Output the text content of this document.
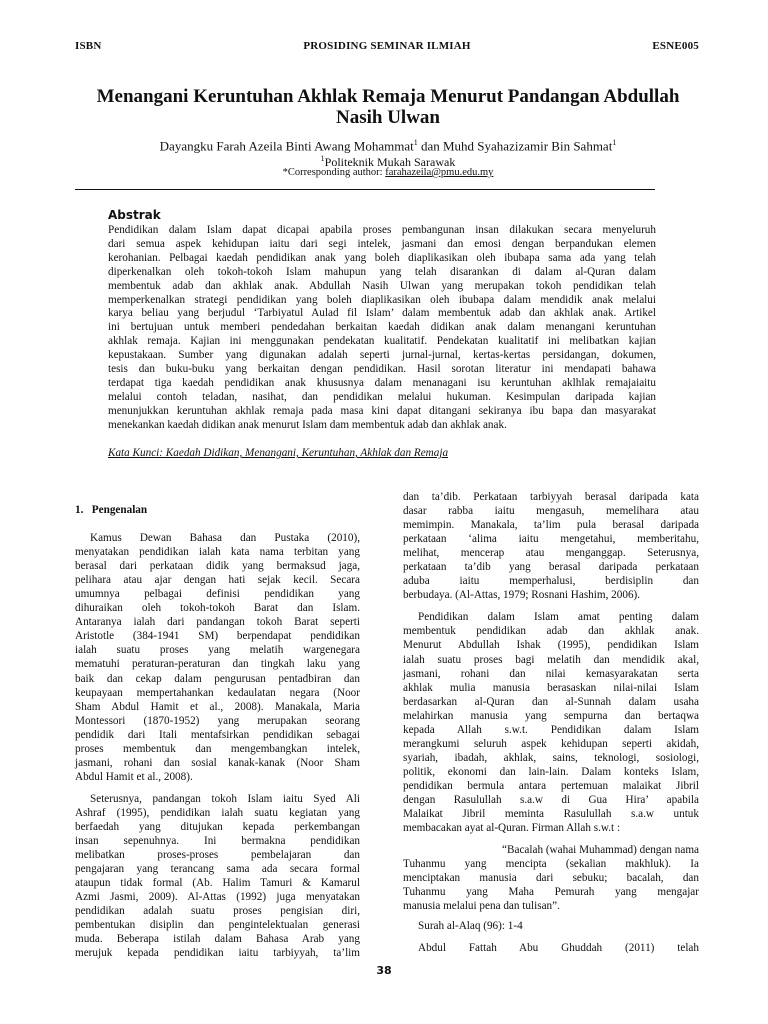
ISBN	PROSIDING SEMINAR ILMIAH	ESNE005
Menangani Keruntuhan Akhlak Remaja Menurut Pandangan Abdullah
Nasih Ulwan
Dayangku Farah Azeila Binti Awang Mohammat$^1$ dan Muhd Syahazizamir Bin Sahmat$^1$
$^1$Politeknik Mukah Sarawak
*Corresponding author: farahazeila@pmu.edu.my
Abstrak
Pendidikan dalam Islam dapat dicapai apabila proses pembangunan insan dilakukan secara menyeluruh
dari semua aspek kehidupan iaitu dari segi intelek, jasmani dan emosi dengan berpandukan elemen
kerohanian. Pelbagai kaedah pendidikan anak yang boleh diaplikasikan oleh ibubapa sama ada yang telah
diperkenalkan oleh tokoh-tokoh Islam mahupun yang telah disarankan di dalam al-Quran dalam
membentuk adab dan akhlak anak. Abdullah Nasih Ulwan yang merupakan tokoh pendidikan telah
memperkenalkan strategi pendidikan yang boleh diaplikasikan oleh ibubapa dalam mendidik anak melalui
karya beliau yang berjudul ‘Tarbiyatul Aulad fil Islam’ dalam membentuk adab dan akhlak anak. Artikel
ini bertujuan untuk memberi pendedahan berkaitan kaedah didikan anak dalam menangani keruntuhan
akhlak remaja. Kajian ini menggunakan pendekatan kualitatif. Pendekatan kualitatif ini melibatkan kajian
kepustakaan. Sumber yang digunakan adalah seperti jurnal-jurnal, kertas-kertas persidangan, dokumen,
tesis dan buku-buku yang berkaitan dengan pendidikan. Hasil sorotan literatur ini mendapati bahawa
terdapat tiga kaedah pendidikan anak khususnya dalam menanagani isu keruntuhan aklhlak remajaiaitu
melalui contoh teladan, nasihat, dan pendidikan melalui hukuman. Kesimpulan daripada kajian
menunjukkan keruntuhan akhlak remaja pada masa kini dapat ditangani sekiranya ibu bapa dan masyarakat
menekankan kaedah didikan anak menurut Islam dam membentuk adab dan akhlak anak.
Kata Kunci: Kaedah Didikan, Menangani, Keruntuhan, Akhlak dan Remaja
1. Pengenalan

Kamus Dewan Bahasa dan Pustaka (2010),
menyatakan pendidikan ialah kata nama terbitan yang
berasal dari perkataan didik yang bermaksud jaga,
pelihara atau ajar dengan hati sejak kecil. Secara
umumnya pelbagai definisi pendidikan yang
dihuraikan oleh tokoh-tokoh Barat dan Islam.
Antaranya ialah dari pandangan tokoh Barat seperti
Aristotle (384-1941 SM) berpendapat pendidikan
ialah suatu proses yang melatih wargenegara
mematuhi peraturan-peraturan dan tingkah laku yang
baik dan cekap dalam pengurusan pentadbiran dan
keupayaan mempertahankan kedaulatan negara (Noor
Sham Abdul Hamit et al., 2008). Manakala, Maria
Montessori (1870-1952) yang merupakan seorang
pendidik dari Itali mentafsirkan pendidikan sebagai
proses membentuk dan mengembangkan intelek,
jasmani, rohani dan sosial kanak-kanak (Noor Sham
Abdul Hamit et al., 2008).

Seterusnya, pandangan tokoh Islam iaitu Syed Ali
Ashraf (1995), pendidikan ialah suatu kegiatan yang
berfaedah yang ditujukan kepada perkembangan
insan sepenuhnya. Ini bermakna pendidikan
melibatkan proses-proses pembelajaran dan
pengajaran yang terancang sama ada secara formal
ataupun tidak formal (Ab. Halim Tamuri & Kamarul
Azmi Jasmi, 2009). Al-Attas (1992) juga menyatakan
pendidikan adalah suatu proses pengisian diri,
pembentukan disiplin dan pengintelektualan generasi
muda. Beberapa istilah dalam Bahasa Arab yang
merujuk kepada pendidikan iaitu tarbiyyah, ta’lim

dan ta’dib. Perkataan tarbiyyah berasal daripada kata
dasar rabba iaitu mengasuh, memelihara atau
memimpin. Manakala, ta’lim pula berasal daripada
perkataan ‘alima iaitu mengetahui, memberitahu,
melihat, mencerap atau menganggap. Seterusnya,
perkataan ta’dib yang berasal daripada perkataan
aduba iaitu memperhalusi, berdisiplin dan
berbudaya. (Al-Attas, 1979; Rosnani Hashim, 2006).

Pendidikan dalam Islam amat penting dalam
membentuk pendidikan adab dan akhlak anak.
Menurut Abdullah Ishak (1995), pendidikan Islam
ialah suatu proses bagi melatih dan mendidik akal,
jasmani, rohani dan nilai kemasyarakatan serta
akhlak mulia manusia berasaskan nilai-nilai Islam
berdasarkan al-Quran dan al-Sunnah dalam usaha
melahirkan manusia yang sempurna dan bertaqwa
kepada Allah s.w.t. Pendidikan dalam Islam
merangkumi seluruh aspek kehidupan seperti akidah,
syariah, ibadah, akhlak, sains, teknologi, sosiologi,
politik, ekonomi dan lain-lain. Dalam konteks Islam,
pendidikan bermula antara pertemuan malaikat Jibril
dengan Rasulullah s.a.w di Gua Hira’ apabila
Malaikat Jibril meminta Rasulullah s.a.w untuk
membacakan ayat al-Quran. Firman Allah s.w.t :

“Bacalah (wahai Muhammad) dengan nama
Tuhanmu yang mencipta (sekalian makhluk). Ia
menciptakan manusia dari sebuku; bacalah, dan
Tuhanmu yang Maha Pemurah yang mengajar
manusia melalui pena dan tulisan”.

Surah al-Alaq (96): 1-4

Abdul   Fattah   Abu   Ghuddah   (2011)   telah

38
